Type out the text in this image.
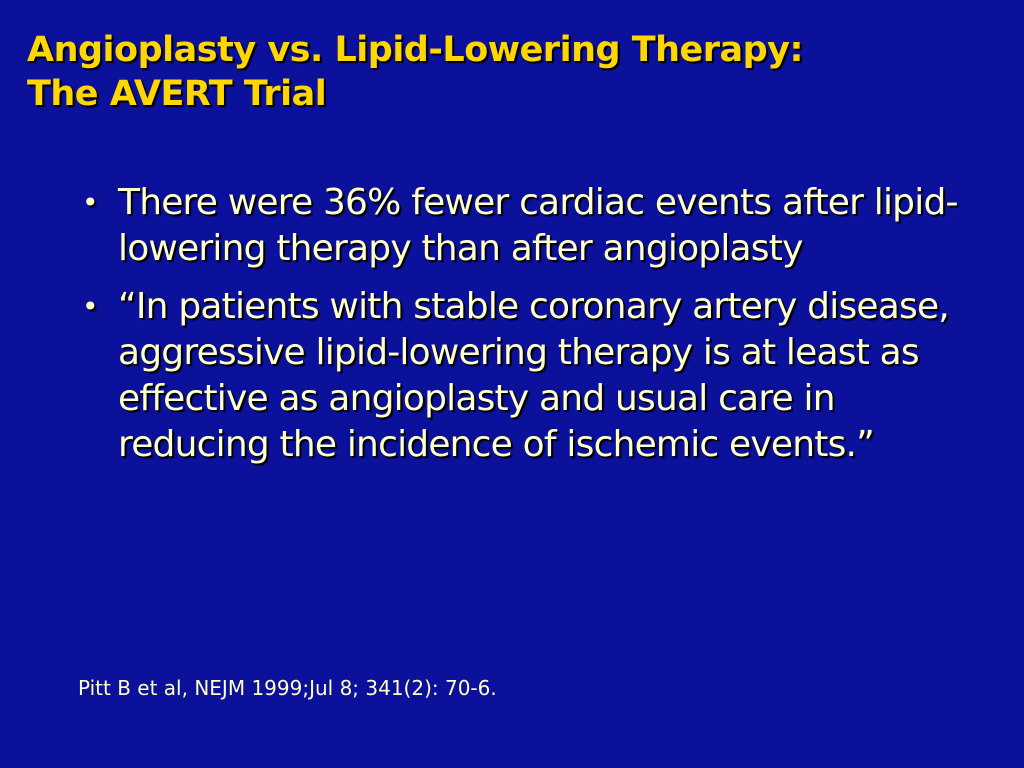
Angioplasty vs. Lipid-Lowering Therapy:
The AVERT Trial
• There were 36% fewer cardiac events after lipid-lowering therapy than after angioplasty
• “In patients with stable coronary artery disease, aggressive lipid-lowering therapy is at least as effective as angioplasty and usual care in reducing the incidence of ischemic events.”

Pitt B et al, NEJM 1999;Jul 8; 341(2): 70-6.
